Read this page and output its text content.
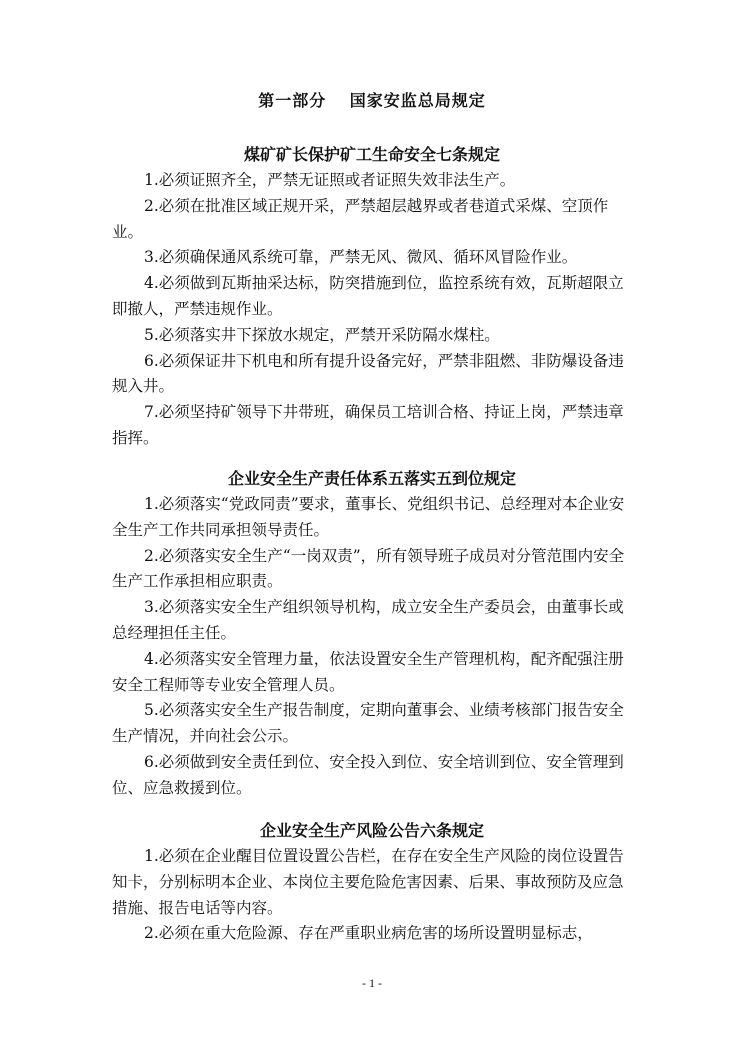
第一部分　 国家安监总局规定
煤矿矿长保护矿工生命安全七条规定

1.必须证照齐全，严禁无证照或者证照失效非法生产。

2.必须在批准区域正规开采，严禁超层越界或者巷道式采煤、空顶作业。

3.必须确保通风系统可靠，严禁无风、微风、循环风冒险作业。

4.必须做到瓦斯抽采达标，防突措施到位，监控系统有效，瓦斯超限立即撤人，严禁违规作业。

5.必须落实井下探放水规定，严禁开采防隔水煤柱。

6.必须保证井下机电和所有提升设备完好，严禁非阻燃、非防爆设备违规入井。

7.必须坚持矿领导下井带班，确保员工培训合格、持证上岗，严禁违章指挥。

企业安全生产责任体系五落实五到位规定

1.必须落实“党政同责”要求，董事长、党组织书记、总经理对本企业安全生产工作共同承担领导责任。

2.必须落实安全生产“一岗双责”，所有领导班子成员对分管范围内安全生产工作承担相应职责。

3.必须落实安全生产组织领导机构，成立安全生产委员会，由董事长或总经理担任主任。

4.必须落实安全管理力量，依法设置安全生产管理机构，配齐配强注册安全工程师等专业安全管理人员。

5.必须落实安全生产报告制度，定期向董事会、业绩考核部门报告安全生产情况，并向社会公示。

6.必须做到安全责任到位、安全投入到位、安全培训到位、安全管理到位、应急救援到位。

企业安全生产风险公告六条规定

1.必须在企业醒目位置设置公告栏，在存在安全生产风险的岗位设置告知卡，分别标明本企业、本岗位主要危险危害因素、后果、事故预防及应急措施、报告电话等内容。

2.必须在重大危险源、存在严重职业病危害的场所设置明显标志，

- 1 -
